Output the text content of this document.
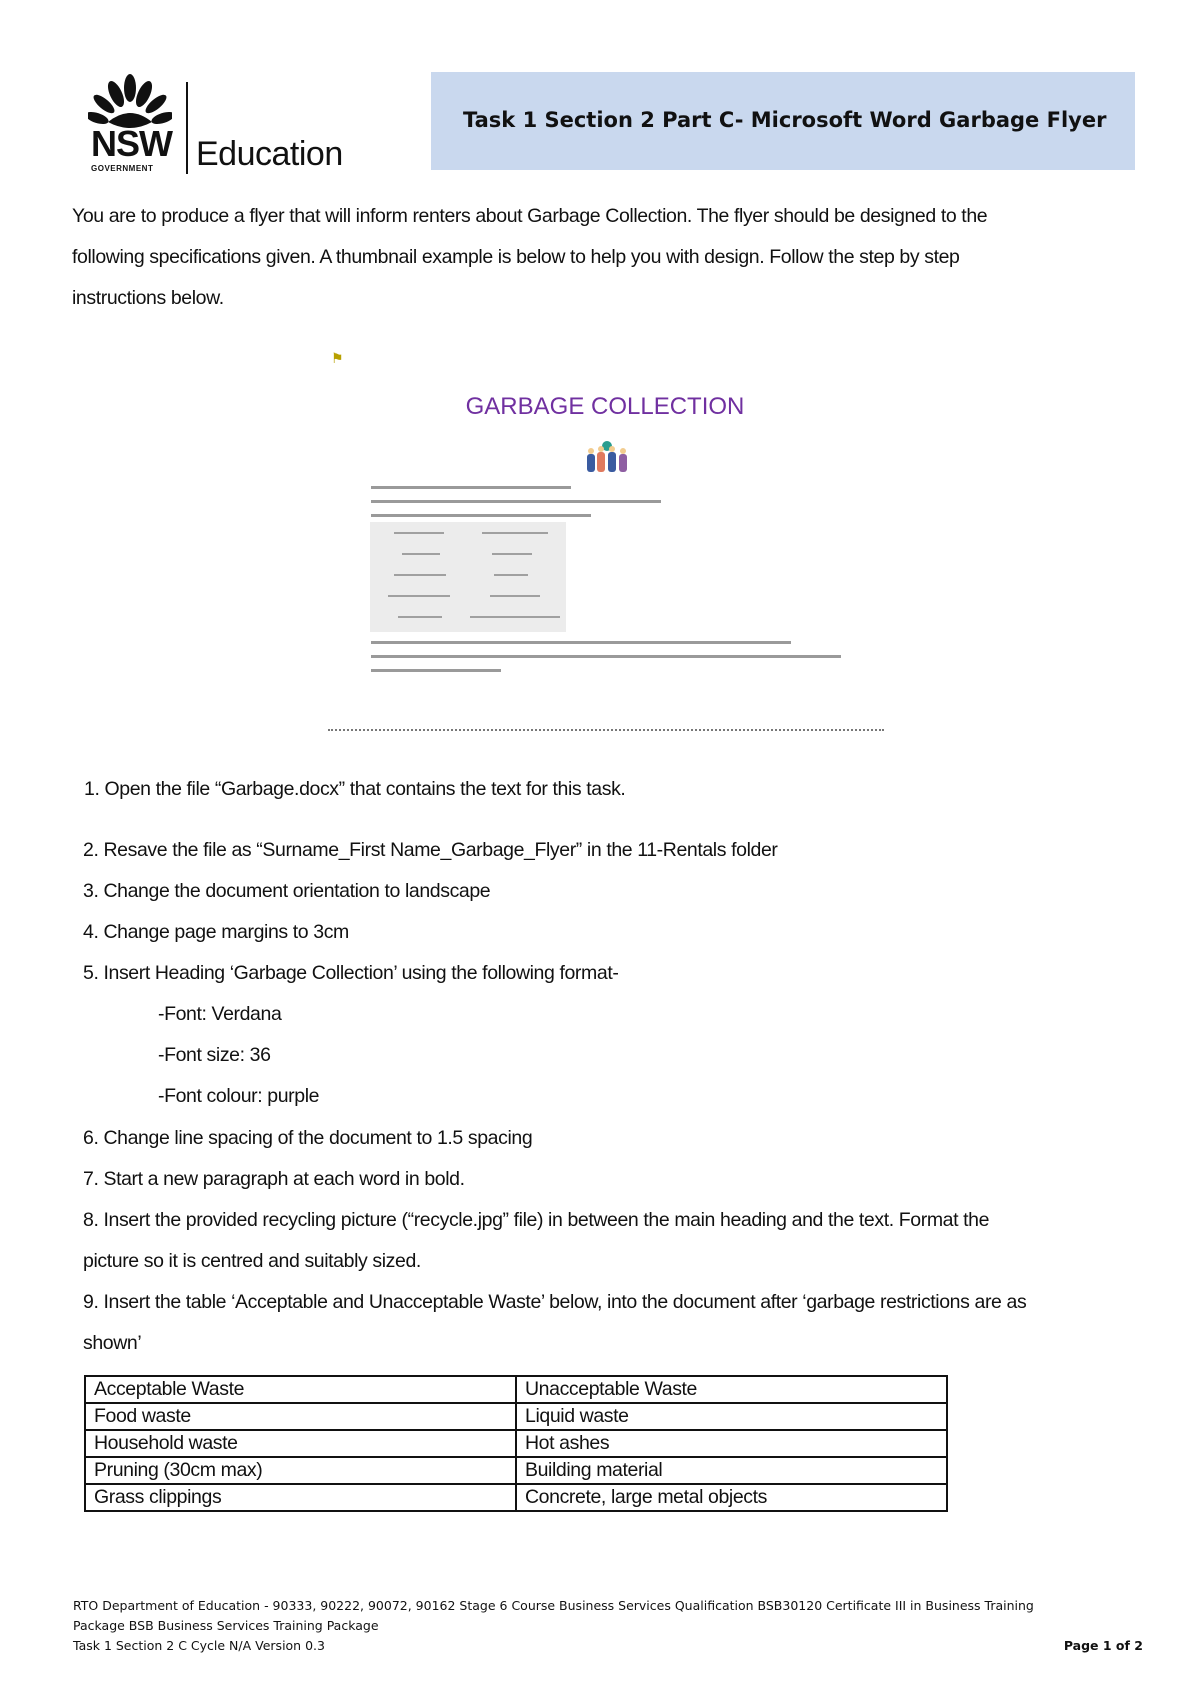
NSW
GOVERNMENT Education
Task 1 Section 2 Part C- Microsoft Word Garbage Flyer
You are to produce a flyer that will inform renters about Garbage Collection. The flyer should be designed to the
following specifications given. A thumbnail example is below to help you with design. Follow the step by step
instructions below.
⚑
GARBAGE COLLECTION
1. Open the file “Garbage.docx” that contains the text for this task.
2. Resave the file as “Surname_First Name_Garbage_Flyer” in the 11-Rentals folder
3. Change the document orientation to landscape
4. Change page margins to 3cm
5. Insert Heading ‘Garbage Collection’ using the following format-
-Font: Verdana
-Font size: 36
-Font colour: purple
6. Change line spacing of the document to 1.5 spacing
7. Start a new paragraph at each word in bold.
8. Insert the provided recycling picture (“recycle.jpg” file) in between the main heading and the text. Format the
picture so it is centred and suitably sized.
9. Insert the table ‘Acceptable and Unacceptable Waste’ below, into the document after ‘garbage restrictions are as
shown’
Acceptable Waste	Unacceptable Waste
Food waste	Liquid waste
Household waste	Hot ashes
Pruning (30cm max)	Building material
Grass clippings	Concrete, large metal objects
RTO Department of Education - 90333, 90222, 90072, 90162 Stage 6 Course Business Services Qualification BSB30120 Certificate III in Business Training
Package BSB Business Services Training Package
Task 1 Section 2 C Cycle N/A Version 0.3	Page 1 of 2
